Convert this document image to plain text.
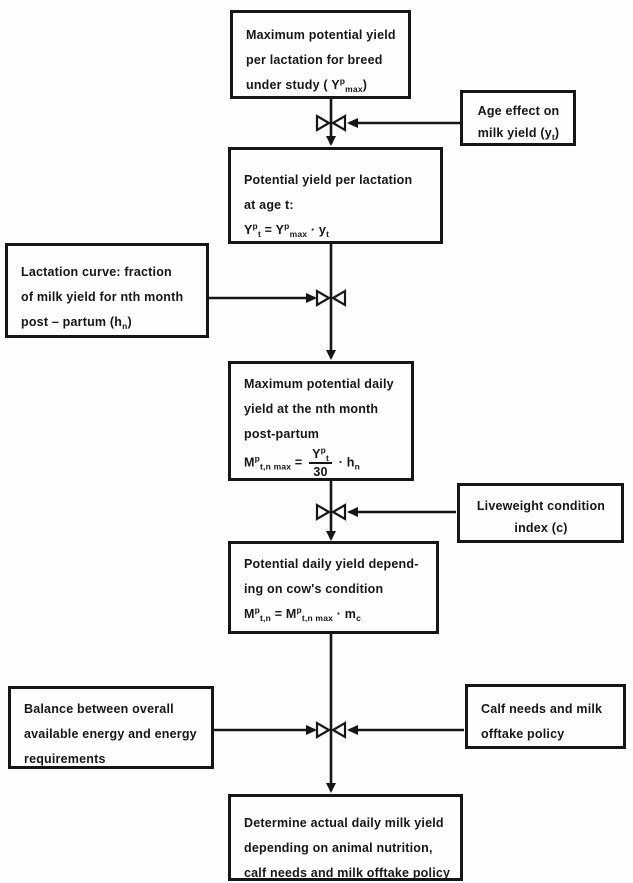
Maximum potential yield
per lactation for breed
under study ( $Y^p_{max}$)
Age effect on
milk yield $(y_t)$
Potential yield per lactation
at age t:
$Y^p_t = Y^p_{max} \cdot y_t$
Lactation curve: fraction
of milk yield for nth month
post – partum $(h_n)$
Maximum potential daily
yield at the nth month
post-partum
$M^p_{t,n max} = \frac{Y^p_t}{30} \cdot h_n$
Liveweight condition
index (c)
Potential daily yield depend-
ing on cow's condition
$M^p_{t,n} = M^p_{t,n max} \cdot m_c$
Balance between overall
available energy and energy
requirements
Calf needs and milk
offtake policy
Determine actual daily milk yield
depending on animal nutrition,
calf needs and milk offtake policy
